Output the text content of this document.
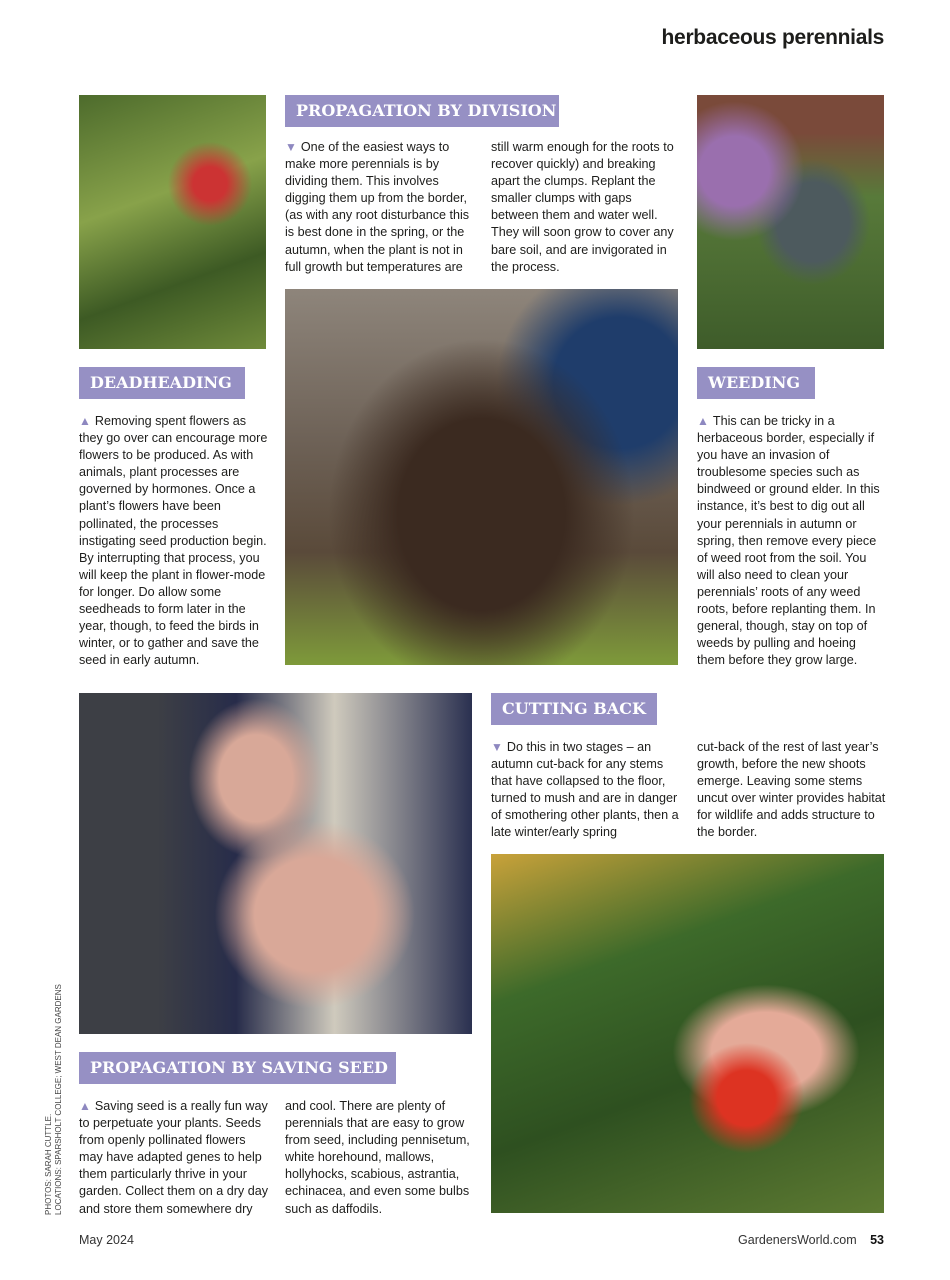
herbaceous perennials
PROPAGATION BY DIVISION
▼ One of the easiest ways to make more perennials is by dividing them. This involves digging them up from the border, (as with any root disturbance this is best done in the spring, or the autumn, when the plant is not in full growth but temperatures are
still warm enough for the roots to recover quickly) and breaking apart the clumps. Replant the smaller clumps with gaps between them and water well. They will soon grow to cover any bare soil, and are invigorated in the process.
DEADHEADING
▲ Removing spent flowers as they go over can encourage more flowers to be produced. As with animals, plant processes are governed by hormones. Once a plant’s flowers have been pollinated, the processes instigating seed production begin. By interrupting that process, you will keep the plant in flower-mode for longer. Do allow some seedheads to form later in the year, though, to feed the birds in winter, or to gather and save the seed in early autumn.
WEEDING
▲ This can be tricky in a herbaceous border, especially if you have an invasion of troublesome species such as bindweed or ground elder. In this instance, it’s best to dig out all your perennials in autumn or spring, then remove every piece of weed root from the soil. You will also need to clean your perennials’ roots of any weed roots, before replanting them. In general, though, stay on top of weeds by pulling and hoeing them before they grow large.
CUTTING BACK
▼ Do this in two stages – an autumn cut-back for any stems that have collapsed to the floor, turned to mush and are in danger of smothering other plants, then a late winter/early spring
cut-back of the rest of last year’s growth, before the new shoots emerge. Leaving some stems uncut over winter provides habitat for wildlife and adds structure to the border.
PROPAGATION BY SAVING SEED
▲ Saving seed is a really fun way to perpetuate your plants. Seeds from openly pollinated flowers may have adapted genes to help them particularly thrive in your garden. Collect them on a dry day and store them somewhere dry
and cool. There are plenty of perennials that are easy to grow from seed, including pennisetum, white horehound, mallows, hollyhocks, scabious, astrantia, echinacea, and even some bulbs such as daffodils.
PHOTOS: SARAH CUTTLE. LOCATIONS: SPARSHOLT COLLEGE; WEST DEAN GARDENS
May 2024	GardenersWorld.com 53
